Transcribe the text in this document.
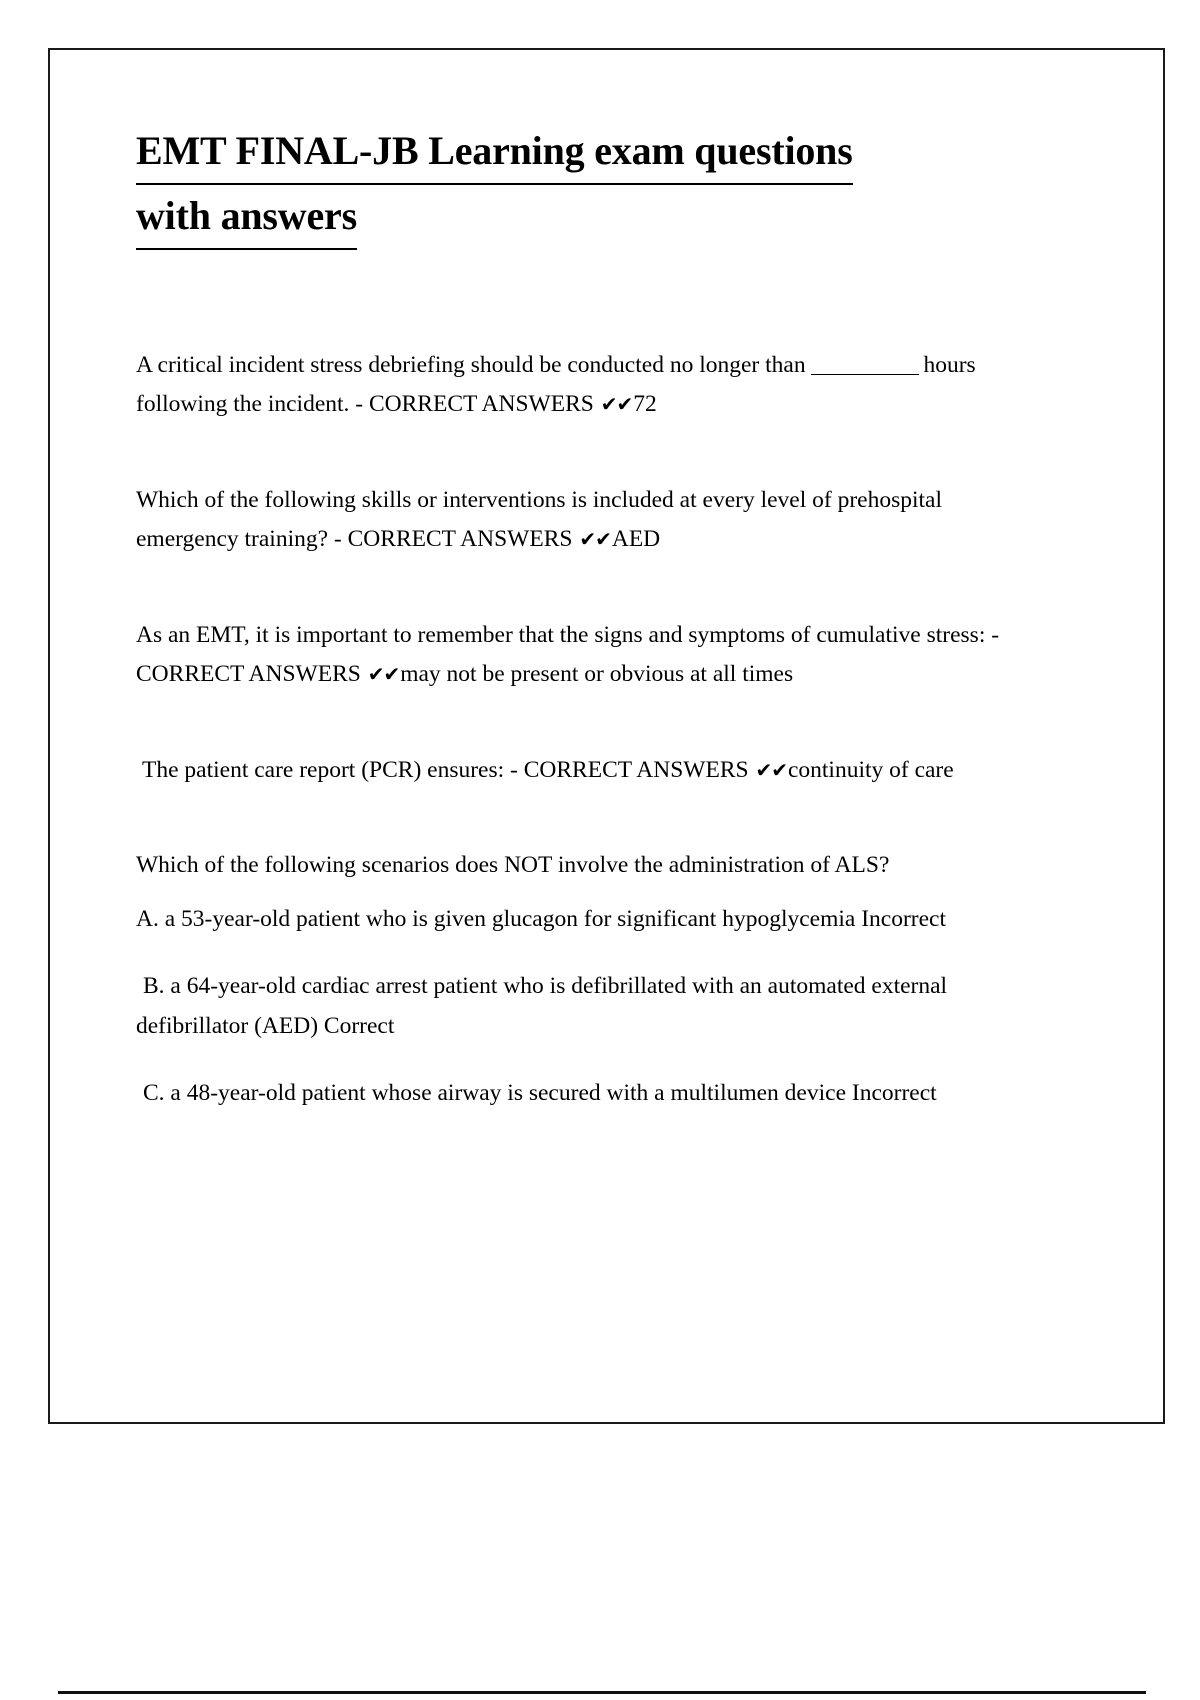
EMT FINAL-JB Learning exam questions
with answers

A critical incident stress debriefing should be conducted no longer than	hours following the incident. - CORRECT ANSWERS ✔✔72

Which of the following skills or interventions is included at every level of prehospital emergency training? - CORRECT ANSWERS ✔✔AED

As an EMT, it is important to remember that the signs and symptoms of cumulative stress: - CORRECT ANSWERS ✔✔may not be present or obvious at all times

The patient care report (PCR) ensures: - CORRECT ANSWERS ✔✔continuity of care

Which of the following scenarios does NOT involve the administration of ALS?

A. a 53-year-old patient who is given glucagon for significant hypoglycemia Incorrect

B. a 64-year-old cardiac arrest patient who is defibrillated with an automated external defibrillator (AED) Correct

C. a 48-year-old patient whose airway is secured with a multilumen device Incorrect
